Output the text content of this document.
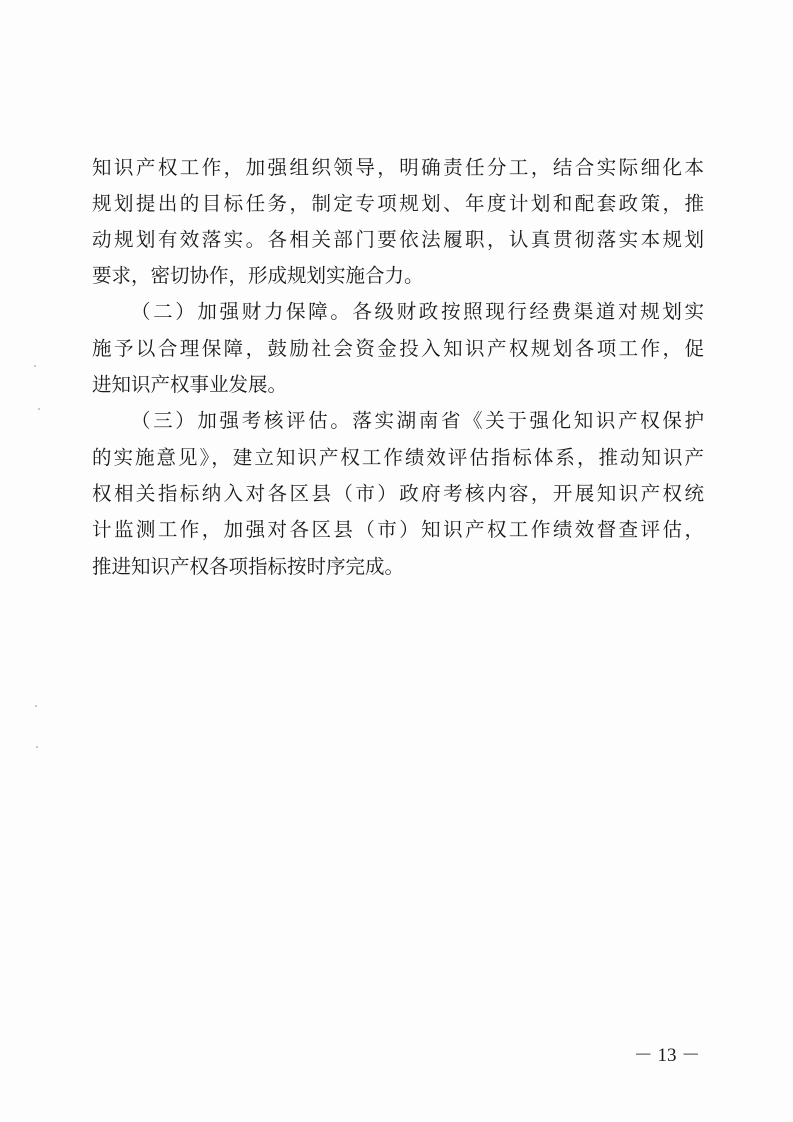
知识产权工作，加强组织领导，明确责任分工，结合实际细化本
规划提出的目标任务，制定专项规划、年度计划和配套政策，推
动规划有效落实。各相关部门要依法履职，认真贯彻落实本规划
要求，密切协作，形成规划实施合力。
（二）加强财力保障。各级财政按照现行经费渠道对规划实
施予以合理保障，鼓励社会资金投入知识产权规划各项工作，促
进知识产权事业发展。
（三）加强考核评估。落实湖南省《关于强化知识产权保护
的实施意见》，建立知识产权工作绩效评估指标体系，推动知识产
权相关指标纳入对各区县（市）政府考核内容，开展知识产权统
计监测工作，加强对各区县（市）知识产权工作绩效督查评估，
推进知识产权各项指标按时序完成。
－ 13 －
